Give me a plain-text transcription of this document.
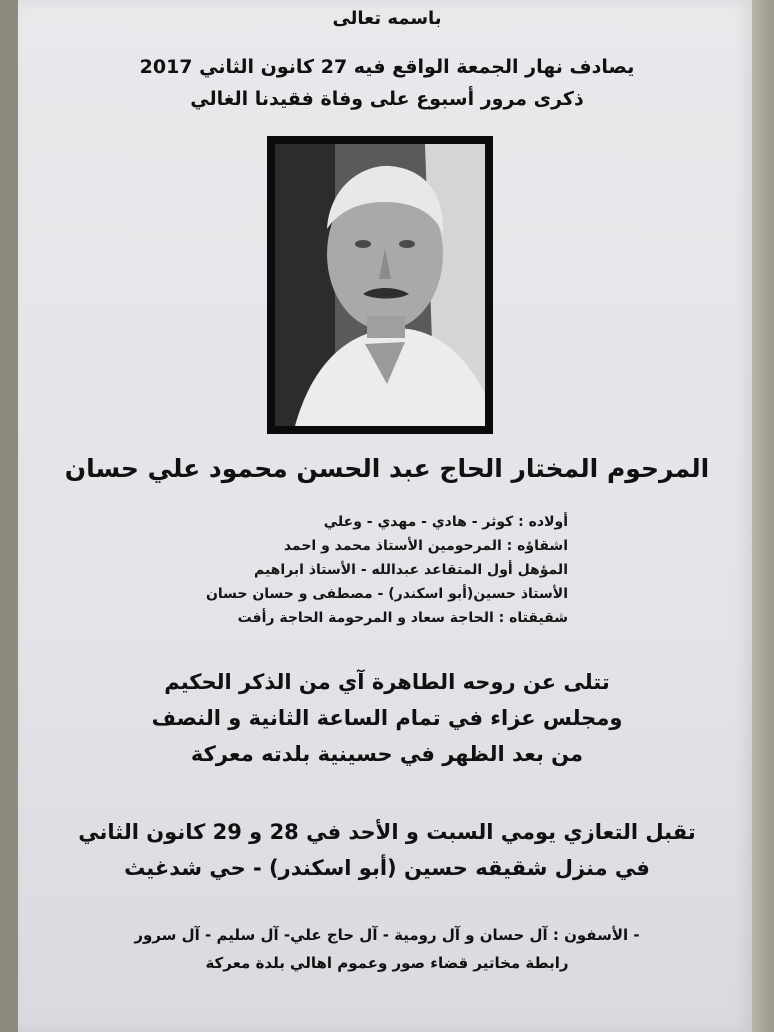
باسمه تعالى
يصادف نهار الجمعة الواقع فيه 27 كانون الثاني 2017
ذكرى مرور أسبوع على وفاة فقيدنا الغالي
المرحوم المختار الحاج عبد الحسن محمود علي حسان
أولاده : كوثر - هادي - مهدي - وعلي
اشقاؤه : المرحومين الأستاذ محمد و احمد
المؤهل أول المتقاعد عبدالله - الأستاذ ابراهيم
الأستاذ حسين(أبو اسكندر) - مصطفى و حسان حسان
شقيقتاه : الحاجة سعاد و المرحومة الحاجة رأفت
تتلى عن روحه الطاهرة آي من الذكر الحكيم
ومجلس عزاء في تمام الساعة الثانية و النصف
من بعد الظهر في حسينية بلدته معركة
تقبل التعازي يومي السبت و الأحد في 28 و 29 كانون الثاني
في منزل شقيقه حسين (أبو اسكندر) - حي شدغيث
- الأسفون : آل حسان و آل رومية - آل حاج علي- آل سليم - آل سرور
رابطة مخاتير قضاء صور وعموم اهالي بلدة معركة
